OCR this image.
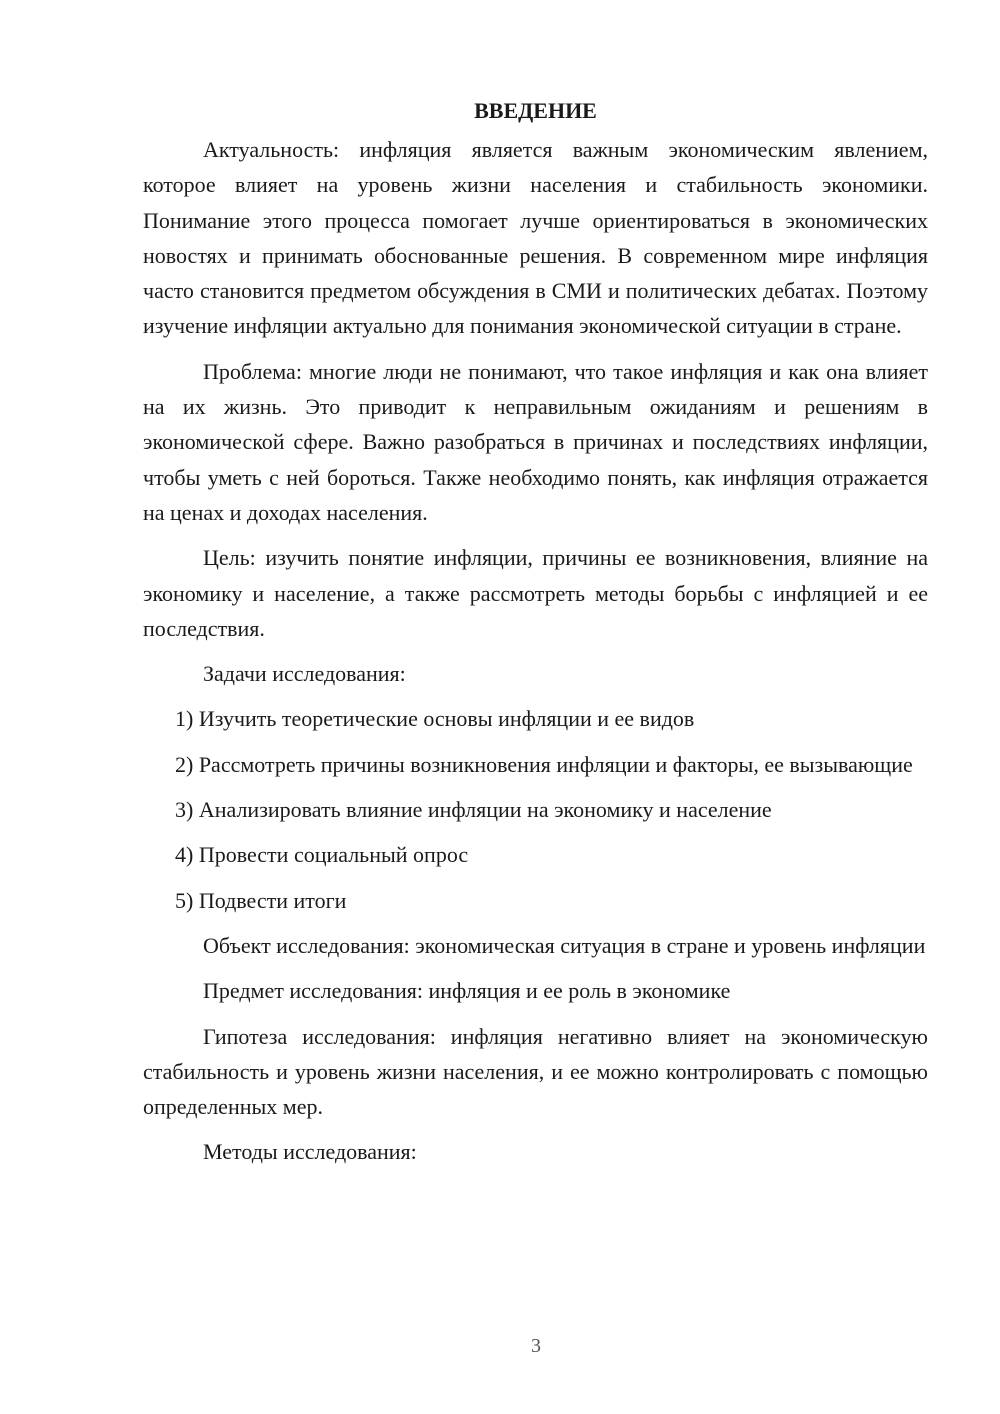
ВВЕДЕНИЕ

Актуальность: инфляция является важным экономическим явлением, которое влияет на уровень жизни населения и стабильность экономики. Понимание этого процесса помогает лучше ориентироваться в экономических новостях и принимать обоснованные решения. В современном мире инфляция часто становится предметом обсуждения в СМИ и политических дебатах. Поэтому изучение инфляции актуально для понимания экономической ситуации в стране.

Проблема: многие люди не понимают, что такое инфляция и как она влияет на их жизнь. Это приводит к неправильным ожиданиям и решениям в экономической сфере. Важно разобраться в причинах и последствиях инфляции, чтобы уметь с ней бороться. Также необходимо понять, как инфляция отражается на ценах и доходах населения.

Цель: изучить понятие инфляции, причины ее возникновения, влияние на экономику и население, а также рассмотреть методы борьбы с инфляцией и ее последствия.

Задачи исследования:

1) Изучить теоретические основы инфляции и ее видов

2) Рассмотреть причины возникновения инфляции и факторы, ее вызывающие

3) Анализировать влияние инфляции на экономику и население

4) Провести социальный опрос

5) Подвести итоги

Объект исследования: экономическая ситуация в стране и уровень инфляции

Предмет исследования: инфляция и ее роль в экономике

Гипотеза исследования: инфляция негативно влияет на экономическую стабильность и уровень жизни населения, и ее можно контролировать с помощью определенных мер.

Методы исследования:

3
